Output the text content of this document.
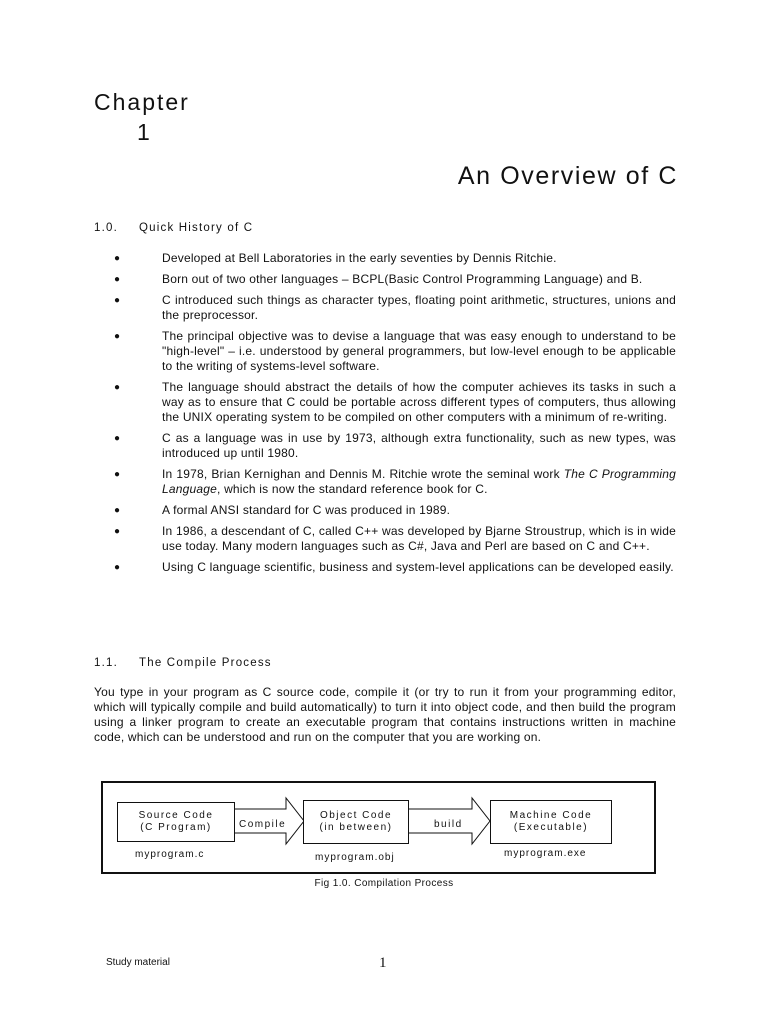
Chapter
1
An Overview of C
1.0. Quick History of C
●	Developed at Bell Laboratories in the early seventies by Dennis Ritchie.
●	Born out of two other languages – BCPL(Basic Control Programming Language) and B.
●	C introduced such things as character types, floating point arithmetic, structures, unions and the preprocessor.
●	The principal objective was to devise a language that was easy enough to understand to be "high-level" – i.e. understood by general programmers, but low-level enough to be applicable to the writing of systems-level software.
●	The language should abstract the details of how the computer achieves its tasks in such a way as to ensure that C could be portable across different types of computers, thus allowing the UNIX operating system to be compiled on other computers with a minimum of re-writing.
●	C as a language was in use by 1973, although extra functionality, such as new types, was introduced up until 1980.
●	In 1978, Brian Kernighan and Dennis M. Ritchie wrote the seminal work The C Programming Language, which is now the standard reference book for C.
●	A formal ANSI standard for C was produced in 1989.
●	In 1986, a descendant of C, called C++ was developed by Bjarne Stroustrup, which is in wide use today. Many modern languages such as C#, Java and Perl are based on C and C++.
●	Using C language scientific, business and system-level applications can be developed easily.
1.1. The Compile Process

You type in your program as C source code, compile it (or try to run it from your programming editor, which will typically compile and build automatically) to turn it into object code, and then build the program using a linker program to create an executable program that contains instructions written in machine code, which can be understood and run on the computer that you are working on.

Source Code
(C Program)	Compile
Object Code
(in between)	build
Machine Code
(Executable)
myprogram.c	myprogram.obj	myprogram.exe
Fig 1.0. Compilation Process
Study material	1
